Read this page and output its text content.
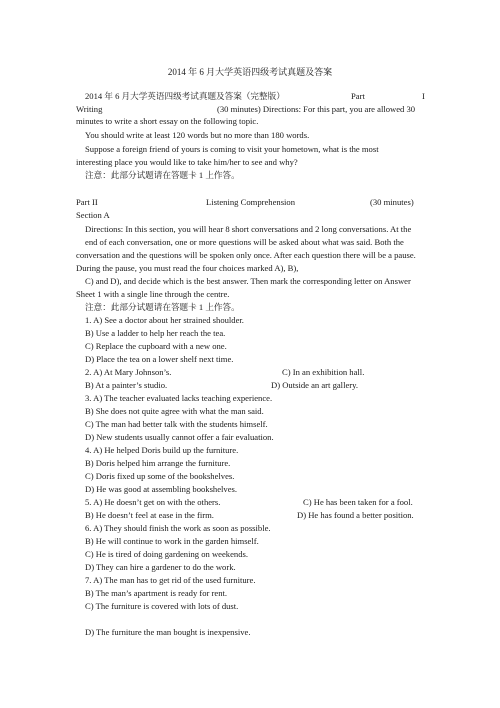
2014 年 6 月大学英语四级考试真题及答案
2014 年 6 月大学英语四级考试真题及答案（完整版）	Part	I
Writing	(30 minutes) Directions: For this part, you are allowed 30
minutes to write a short essay on the following topic.
You should write at least 120 words but no more than 180 words.
Suppose a foreign friend of yours is coming to visit your hometown, what is the most
interesting place you would like to take him/her to see and why?
注意：此部分试题请在答题卡 1 上作答。
Part II	Listening Comprehension	(30 minutes)
Section A
Directions: In this section, you will hear 8 short conversations and 2 long conversations. At the
end of each conversation, one or more questions will be asked about what was said. Both the
conversation and the questions will be spoken only once. After each question there will be a pause.
During the pause, you must read the four choices marked A), B),
C) and D), and decide which is the best answer. Then mark the corresponding letter on Answer
Sheet 1 with a single line through the centre.
注意：此部分试题请在答题卡 1 上作答。
1. A) See a doctor about her strained shoulder.
B) Use a ladder to help her reach the tea.
C) Replace the cupboard with a new one.
D) Place the tea on a lower shelf next time.
2. A) At Mary Johnson’s.	C) In an exhibition hall.
B) At a painter’s studio.	D) Outside an art gallery.
3. A) The teacher evaluated lacks teaching experience.
B) She does not quite agree with what the man said.
C) The man had better talk with the students himself.
D) New students usually cannot offer a fair evaluation.
4. A) He helped Doris build up the furniture.
B) Doris helped him arrange the furniture.
C) Doris fixed up some of the bookshelves.
D) He was good at assembling bookshelves.
5. A) He doesn’t get on with the others.	C) He has been taken for a fool.
B) He doesn’t feel at ease in the firm.	D) He has found a better position.
6. A) They should finish the work as soon as possible.
B) He will continue to work in the garden himself.
C) He is tired of doing gardening on weekends.
D) They can hire a gardener to do the work.
7. A) The man has to get rid of the used furniture.
B) The man’s apartment is ready for rent.
C) The furniture is covered with lots of dust.
D) The furniture the man bought is inexpensive.
